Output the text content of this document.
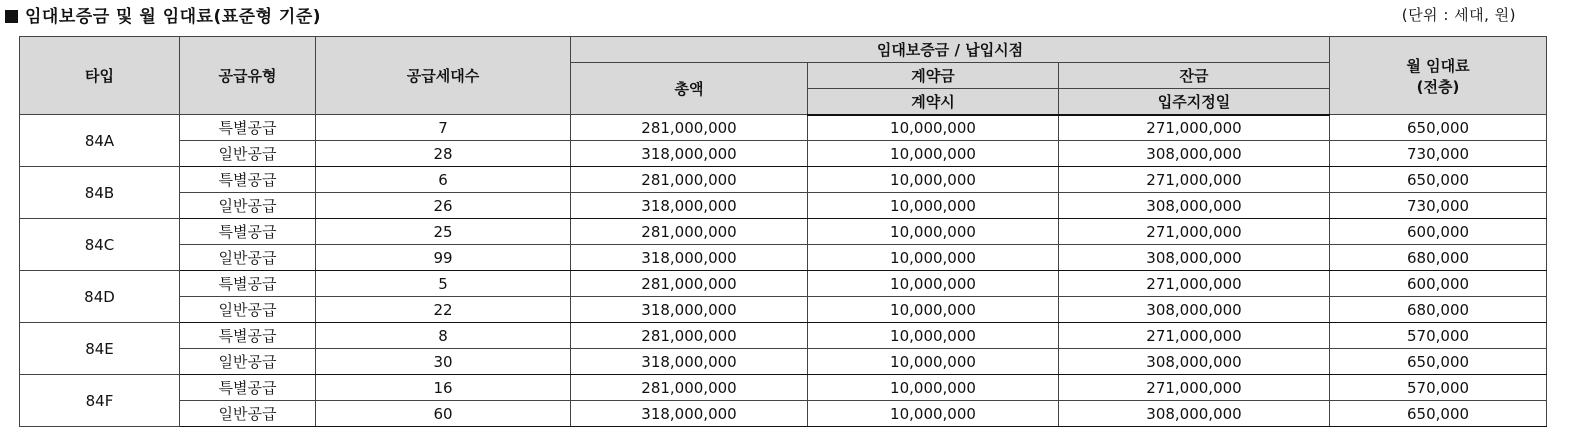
임대보증금 및 월 임대료(표준형 기준)	(단위 : 세대, 원)
타입	공급유형	공급세대수	임대보증금 / 납입시점			월 임대료
(전층)
			총액	계약금	잔금	
				계약시	입주지정일	
84A	특별공급	7	281,000,000	10,000,000	271,000,000	650,000
	일반공급	28	318,000,000	10,000,000	308,000,000	730,000
84B	특별공급	6	281,000,000	10,000,000	271,000,000	650,000
	일반공급	26	318,000,000	10,000,000	308,000,000	730,000
84C	특별공급	25	281,000,000	10,000,000	271,000,000	600,000
	일반공급	99	318,000,000	10,000,000	308,000,000	680,000
84D	특별공급	5	281,000,000	10,000,000	271,000,000	600,000
	일반공급	22	318,000,000	10,000,000	308,000,000	680,000
84E	특별공급	8	281,000,000	10,000,000	271,000,000	570,000
	일반공급	30	318,000,000	10,000,000	308,000,000	650,000
84F	특별공급	16	281,000,000	10,000,000	271,000,000	570,000
	일반공급	60	318,000,000	10,000,000	308,000,000	650,000
